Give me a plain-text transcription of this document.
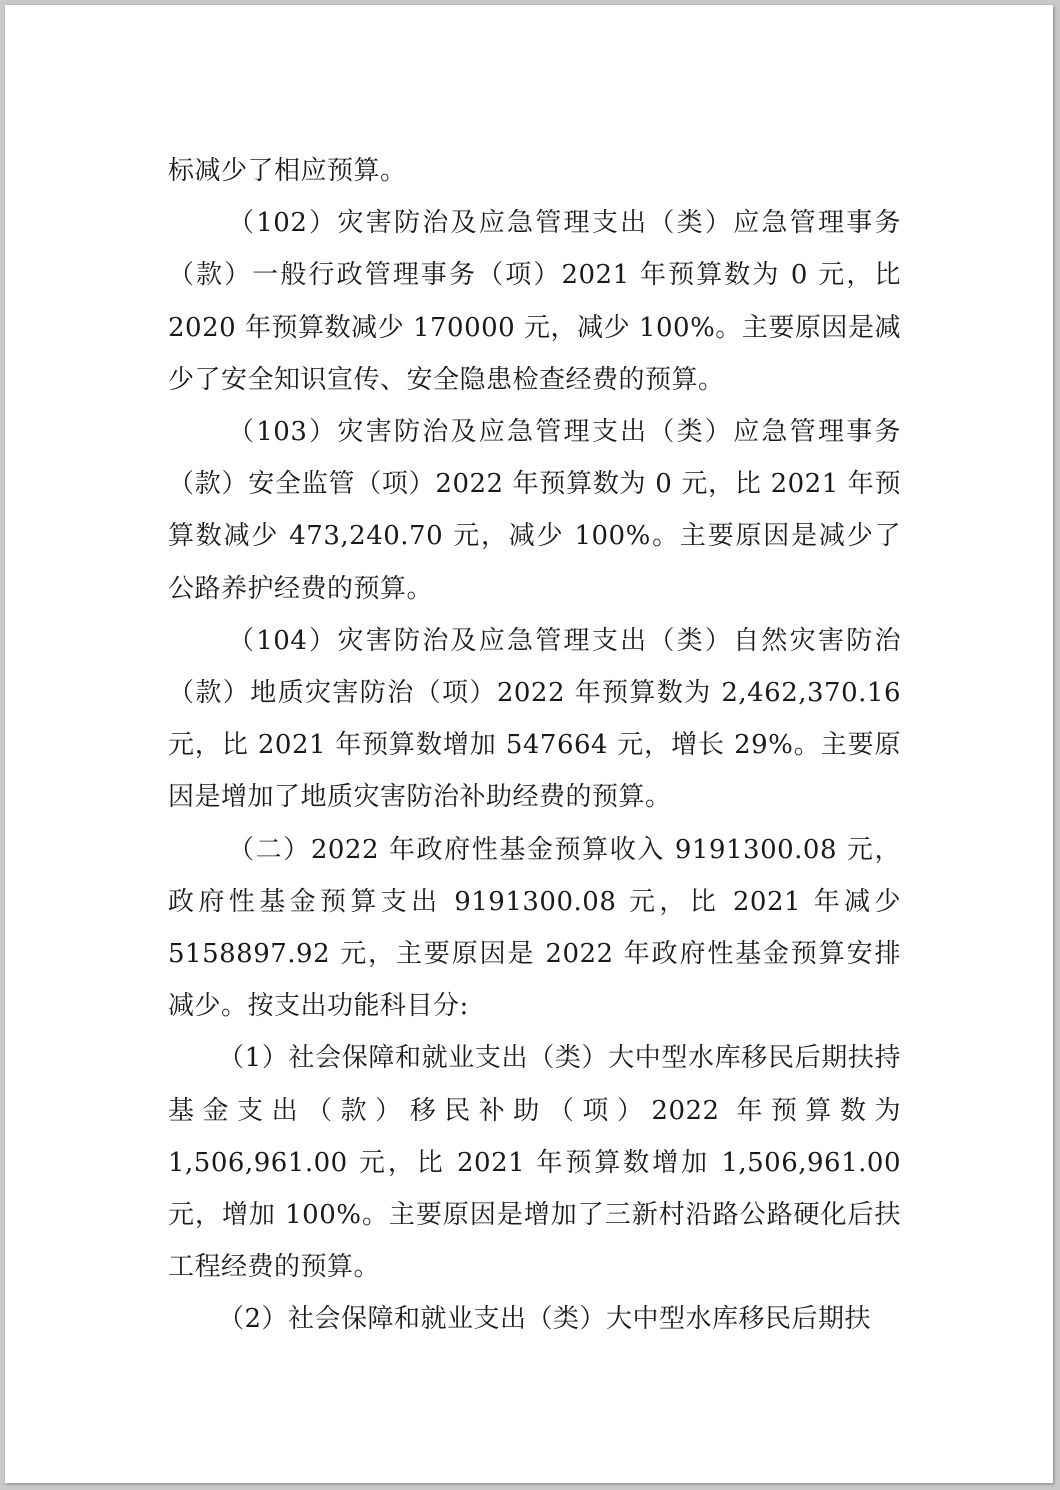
标减少了相应预算。

（102）灾害防治及应急管理支出（类）应急管理事务（款）一般行政管理事务（项）2021 年预算数为 0 元，比 2020 年预算数减少 170000 元，减少 100%。主要原因是减少了安全知识宣传、安全隐患检查经费的预算。

（103）灾害防治及应急管理支出（类）应急管理事务（款）安全监管（项）2022 年预算数为 0 元，比 2021 年预算数减少 473,240.70 元，减少 100%。主要原因是减少了公路养护经费的预算。

（104）灾害防治及应急管理支出（类）自然灾害防治（款）地质灾害防治（项）2022 年预算数为 2,462,370.16 元，比 2021 年预算数增加 547664 元，增长 29%。主要原因是增加了地质灾害防治补助经费的预算。

（二）2022 年政府性基金预算收入 9191300.08 元，政府性基金预算支出 9191300.08 元，比 2021 年减少 5158897.92 元，主要原因是 2022 年政府性基金预算安排减少。按支出功能科目分:

（1）社会保障和就业支出（类）大中型水库移民后期扶持基金支出（款）移民补助（项）2022 年预算数为 1,506,961.00 元，比 2021 年预算数增加 1,506,961.00 元，增加 100%。主要原因是增加了三新村沿路公路硬化后扶工程经费的预算。

（2）社会保障和就业支出（类）大中型水库移民后期扶
